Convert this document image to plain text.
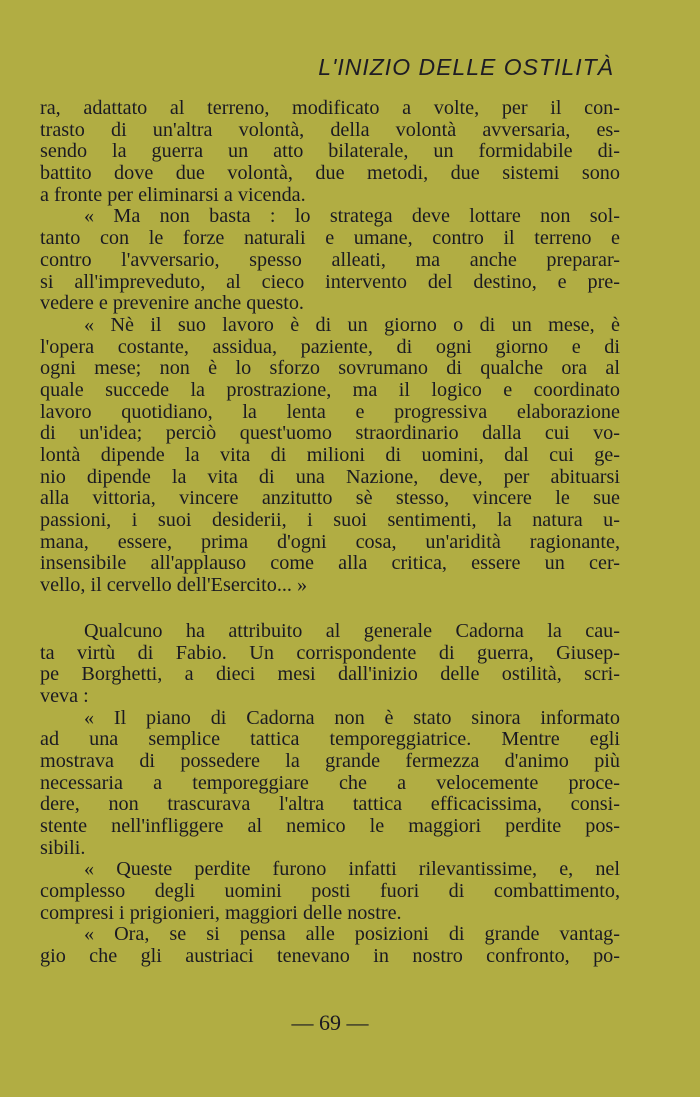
L'INIZIO DELLE OSTILITÀ
ra, adattato al terreno, modificato a volte, per il con-
trasto di un'altra volontà, della volontà avversaria, es-
sendo la guerra un atto bilaterale, un formidabile di-
battito dove due volontà, due metodi, due sistemi sono
a fronte per eliminarsi a vicenda.
« Ma non basta : lo stratega deve lottare non sol-
tanto con le forze naturali e umane, contro il terreno e
contro l'avversario, spesso alleati, ma anche preparar-
si all'impreveduto, al cieco intervento del destino, e pre-
vedere e prevenire anche questo.
« Nè il suo lavoro è di un giorno o di un mese, è
l'opera costante, assidua, paziente, di ogni giorno e di
ogni mese; non è lo sforzo sovrumano di qualche ora al
quale succede la prostrazione, ma il logico e coordinato
lavoro quotidiano, la lenta e progressiva elaborazione
di un'idea; perciò quest'uomo straordinario dalla cui vo-
lontà dipende la vita di milioni di uomini, dal cui ge-
nio dipende la vita di una Nazione, deve, per abituarsi
alla vittoria, vincere anzitutto sè stesso, vincere le sue
passioni, i suoi desiderii, i suoi sentimenti, la natura u-
mana, essere, prima d'ogni cosa, un'aridità ragionante,
insensibile all'applauso come alla critica, essere un cer-
vello, il cervello dell'Esercito... »
Qualcuno ha attribuito al generale Cadorna la cau-
ta virtù di Fabio. Un corrispondente di guerra, Giusep-
pe Borghetti, a dieci mesi dall'inizio delle ostilità, scri-
veva :
« Il piano di Cadorna non è stato sinora informato
ad una semplice tattica temporeggiatrice. Mentre egli
mostrava di possedere la grande fermezza d'animo più
necessaria a temporeggiare che a velocemente proce-
dere, non trascurava l'altra tattica efficacissima, consi-
stente nell'infliggere al nemico le maggiori perdite pos-
sibili.
« Queste perdite furono infatti rilevantissime, e, nel
complesso degli uomini posti fuori di combattimento,
compresi i prigionieri, maggiori delle nostre.
« Ora, se si pensa alle posizioni di grande vantag-
gio che gli austriaci tenevano in nostro confronto, po-
— 69 —
